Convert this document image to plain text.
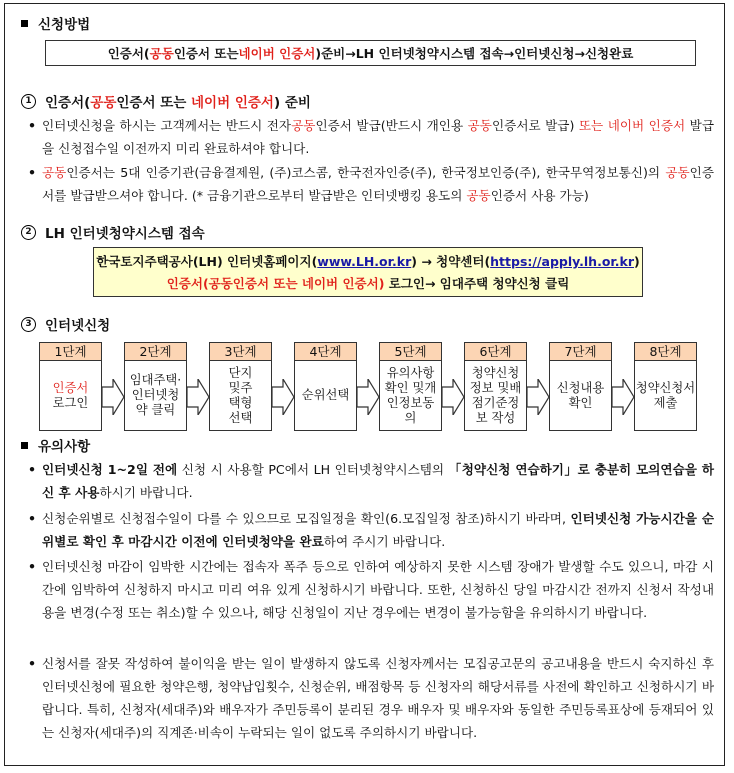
신청방법
인증서( 공동 인증서 또는 네이버 인증서 )준비 → LH 인터넷청약시스템 접속 → 인터넷신청 → 신청완료
1 인증서( 공동 인증서 또는
네이버 인증서 ) 준비
• 인터넷신청을 하시는 고객께서는 반드시 전자공동인증서 발급(반드시 개인용 공동인증서로 발급) 또는 네이버 인증서 발급을 신청접수일 이전까지 미리 완료하셔야 합니다.
• 공동인증서는 5대 인증기관(금융결제원, (주)코스콤, 한국전자인증(주), 한국정보인증(주), 한국무역정보통신)의 공동인증서를 발급받으셔야 합니다. (* 금융기관으로부터 발급받은 인터넷뱅킹 용도의 공동인증서 사용 가능)
2 LH 인터넷청약시스템 접속
한국토지주택공사(LH) 인터넷홈페이지(www.LH.or.kr) → 청약센터(https://apply.lh.or.kr)
인증서(공동인증서 또는 네이버 인증서) 로그인→ 임대주택 청약신청 클릭
3 인터넷신청
1단계
인증서
로그인
2단계
임대주택·인터넷청약 클릭
3단계
단지및주택형선택
4단계
순위선택
5단계
유의사항확인 및개인정보동의
6단계
청약신청정보 및배점기준정보 작성
7단계
신청내용확인
8단계
청약신청서제출
유의사항
• 인터넷신청 1~2일 전에 신청 시 사용할 PC에서 LH 인터넷청약시스템의 「청약신청 연습하기」로 충분히 모의연습을 하신 후 사용하시기 바랍니다.
• 신청순위별로 신청접수일이 다를 수 있으므로 모집일정을 확인(6.모집일정 참조)하시기 바라며, 인터넷신청 가능시간을 순위별로 확인 후 마감시간 이전에 인터넷청약을 완료하여 주시기 바랍니다.
• 인터넷신청 마감이 임박한 시간에는 접속자 폭주 등으로 인하여 예상하지 못한 시스템 장애가 발생할 수도 있으니, 마감 시간에 임박하여 신청하지 마시고 미리 여유 있게 신청하시기 바랍니다. 또한, 신청하신 당일 마감시간 전까지 신청서 작성내용을 변경(수정 또는 취소)할 수 있으나, 해당 신청일이 지난 경우에는 변경이 불가능함을 유의하시기 바랍니다.
• 신청서를 잘못 작성하여 불이익을 받는 일이 발생하지 않도록 신청자께서는 모집공고문의 공고내용을 반드시 숙지하신 후 인터넷신청에 필요한 청약은행, 청약납입횟수, 신청순위, 배점항목 등 신청자의 해당서류를 사전에 확인하고 신청하시기 바랍니다. 특히, 신청자(세대주)와 배우자가 주민등록이 분리된 경우 배우자 및 배우자와 동일한 주민등록표상에 등재되어 있는 신청자(세대주)의 직계존·비속이 누락되는 일이 없도록 주의하시기 바랍니다.
